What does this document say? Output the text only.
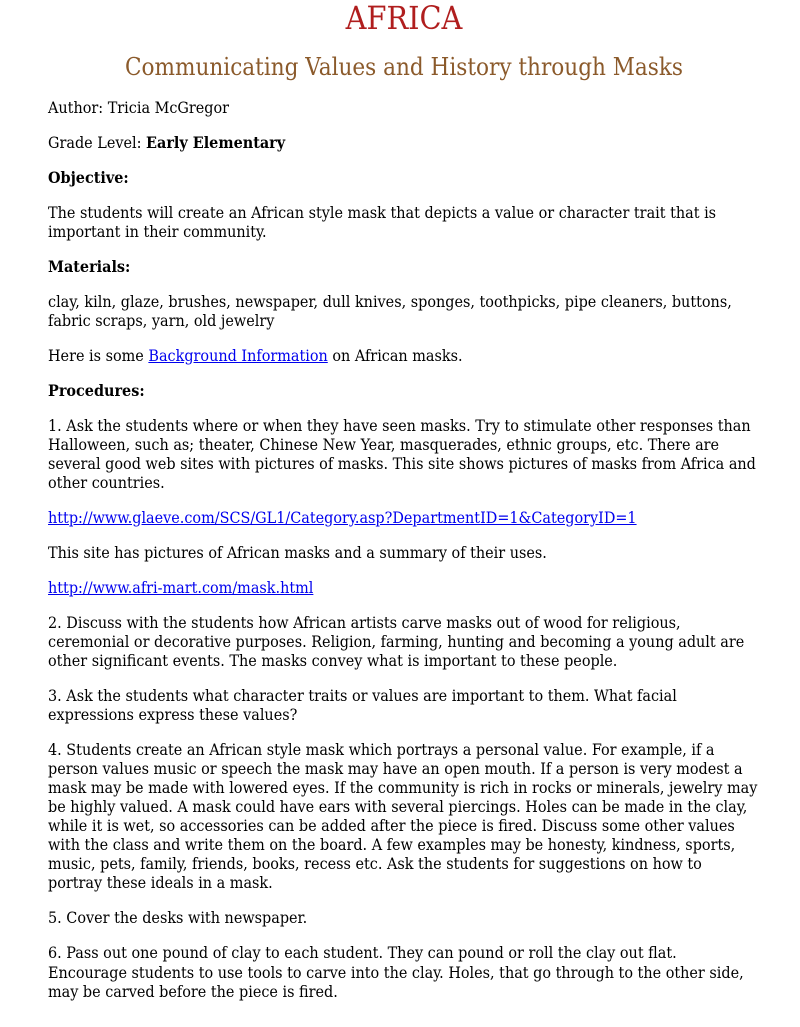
AFRICA
Communicating Values and History through Masks

Author: Tricia McGregor

Grade Level: Early Elementary

Objective:

The students will create an African style mask that depicts a value or character trait that is important in their community.

Materials:

clay, kiln, glaze, brushes, newspaper, dull knives, sponges, toothpicks, pipe cleaners, buttons, fabric scraps, yarn, old jewelry

Here is some Background Information on African masks.

Procedures:

1. Ask the students where or when they have seen masks. Try to stimulate other responses than Halloween, such as; theater, Chinese New Year, masquerades, ethnic groups, etc. There are several good web sites with pictures of masks. This site shows pictures of masks from Africa and other countries.

http://www.glaeve.com/SCS/GL1/Category.asp?DepartmentID=1&CategoryID=1

This site has pictures of African masks and a summary of their uses.

http://www.afri-mart.com/mask.html

2. Discuss with the students how African artists carve masks out of wood for religious, ceremonial or decorative purposes. Religion, farming, hunting and becoming a young adult are other significant events. The masks convey what is important to these people.

3. Ask the students what character traits or values are important to them. What facial expressions express these values?

4. Students create an African style mask which portrays a personal value. For example, if a person values music or speech the mask may have an open mouth. If a person is very modest a mask may be made with lowered eyes. If the community is rich in rocks or minerals, jewelry may be highly valued. A mask could have ears with several piercings. Holes can be made in the clay, while it is wet, so accessories can be added after the piece is fired. Discuss some other values with the class and write them on the board. A few examples may be honesty, kindness, sports, music, pets, family, friends, books, recess etc. Ask the students for suggestions on how to portray these ideals in a mask.

5. Cover the desks with newspaper.

6. Pass out one pound of clay to each student. They can pound or roll the clay out flat. Encourage students to use tools to carve into the clay. Holes, that go through to the other side, may be carved before the piece is fired.
